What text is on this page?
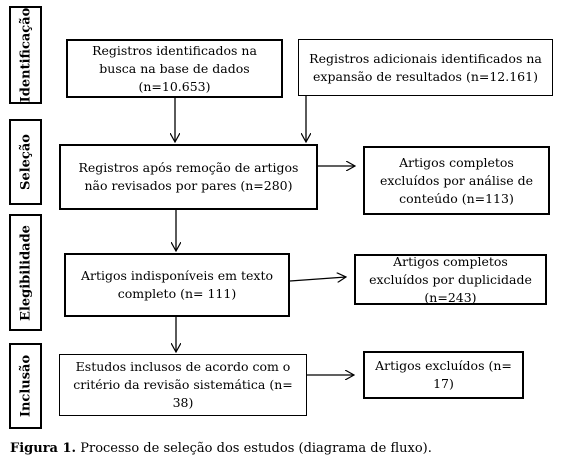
Identificação
Seleção
Elegibilidade
Inclusão
Registros identificados na busca na base de dados (n=10.653)
Registros adicionais identificados na expansão de resultados (n=12.161)
Registros após remoção de artigos não revisados por pares (n=280)
Artigos completos excluídos por análise de conteúdo (n=113)
Artigos indisponíveis em texto completo (n= 111)
Artigos completos excluídos por duplicidade (n=243)
Estudos inclusos de acordo com o critério da revisão sistemática (n= 38)
Artigos excluídos (n= 17)
Figura 1. Processo de seleção dos estudos (diagrama de fluxo).
